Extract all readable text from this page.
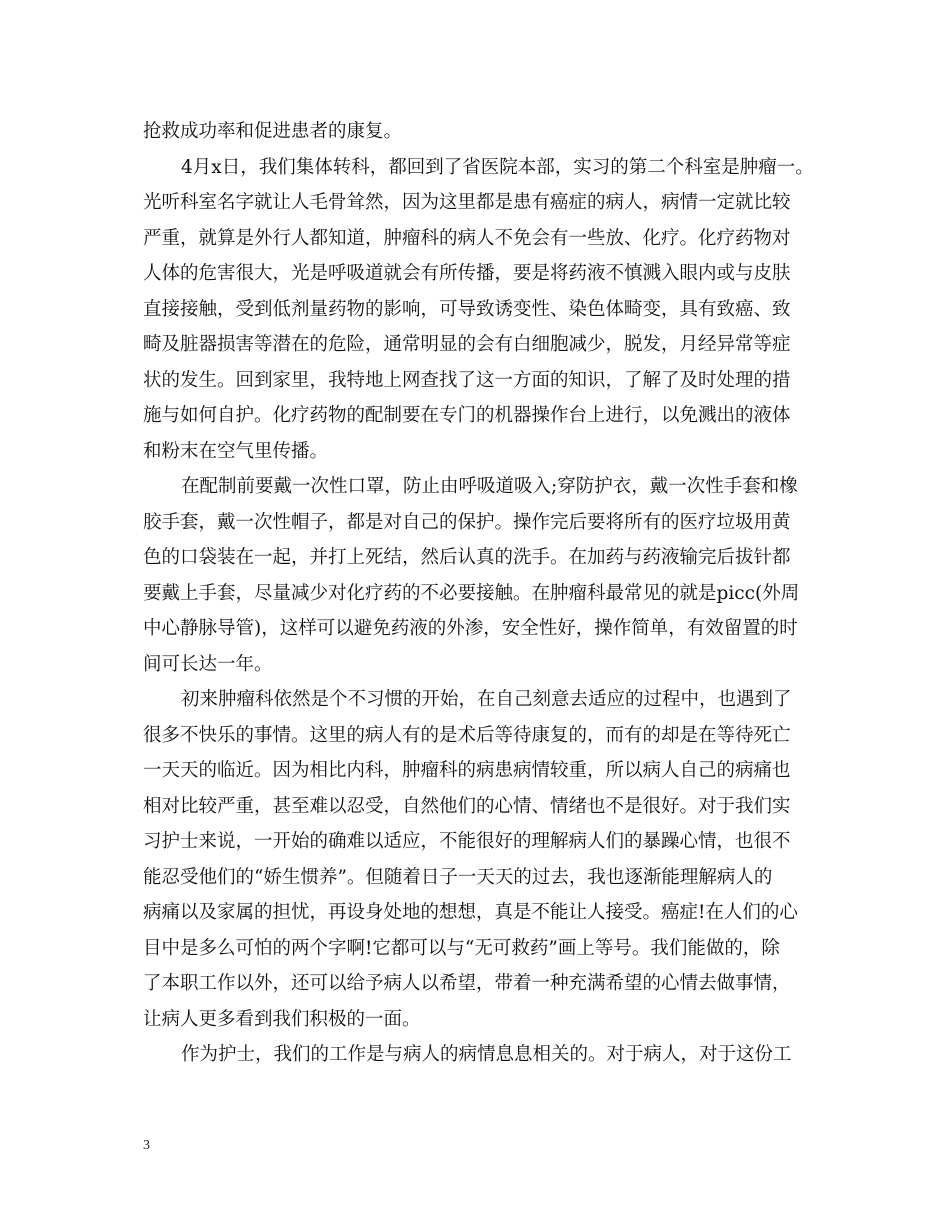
抢救成功率和促进患者的康复。
4月x日，我们集体转科，都回到了省医院本部，实习的第二个科室是肿瘤一。
光听科室名字就让人毛骨耸然，因为这里都是患有癌症的病人，病情一定就比较
严重，就算是外行人都知道，肿瘤科的病人不免会有一些放、化疗。化疗药物对
人体的危害很大，光是呼吸道就会有所传播，要是将药液不慎溅入眼内或与皮肤
直接接触，受到低剂量药物的影响，可导致诱变性、染色体畸变，具有致癌、致
畸及脏器损害等潜在的危险，通常明显的会有白细胞减少，脱发，月经异常等症
状的发生。回到家里，我特地上网查找了这一方面的知识，了解了及时处理的措
施与如何自护。化疗药物的配制要在专门的机器操作台上进行，以免溅出的液体
和粉末在空气里传播。
在配制前要戴一次性口罩，防止由呼吸道吸入;穿防护衣，戴一次性手套和橡
胶手套，戴一次性帽子，都是对自己的保护。操作完后要将所有的医疗垃圾用黄
色的口袋装在一起，并打上死结，然后认真的洗手。在加药与药液输完后拔针都
要戴上手套，尽量减少对化疗药的不必要接触。在肿瘤科最常见的就是picc(外周
中心静脉导管)，这样可以避免药液的外渗，安全性好，操作简单，有效留置的时
间可长达一年。
初来肿瘤科依然是个不习惯的开始，在自己刻意去适应的过程中，也遇到了
很多不快乐的事情。这里的病人有的是术后等待康复的，而有的却是在等待死亡
一天天的临近。因为相比内科，肿瘤科的病患病情较重，所以病人自己的病痛也
相对比较严重，甚至难以忍受，自然他们的心情、情绪也不是很好。对于我们实
习护士来说，一开始的确难以适应，不能很好的理解病人们的暴躁心情，也很不
能忍受他们的“娇生惯养”。但随着日子一天天的过去，我也逐渐能理解病人的
病痛以及家属的担忧，再设身处地的想想，真是不能让人接受。癌症!在人们的心
目中是多么可怕的两个字啊!它都可以与“无可救药”画上等号。我们能做的，除
了本职工作以外，还可以给予病人以希望，带着一种充满希望的心情去做事情，
让病人更多看到我们积极的一面。
作为护士，我们的工作是与病人的病情息息相关的。对于病人，对于这份工
3
